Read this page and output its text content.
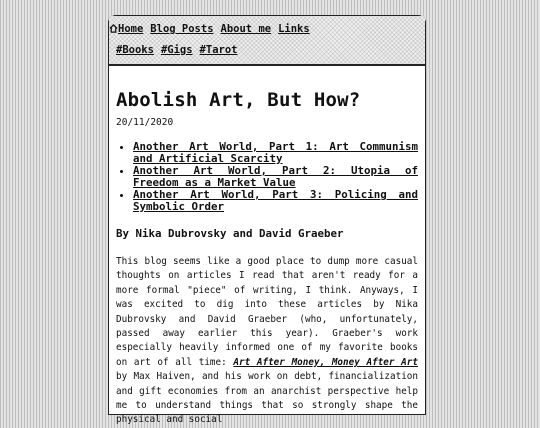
Home Blog Posts About me Links
#Books #Gigs #Tarot
Abolish Art, But How?
20/11/2020
• Another Art World, Part 1: Art Communism and Artificial Scarcity
• Another Art World, Part 2: Utopia of Freedom as a Market Value
• Another Art World, Part 3: Policing and Symbolic Order
By Nika Dubrovsky and David Graeber

This blog seems like a good place to dump more casual thoughts on articles I read that aren't ready for a more formal "piece" of writing, I think. Anyways, I was excited to dig into these articles by Nika Dubrovsky and David Graeber (who, unfortunately, passed away earlier this year). Graeber's work especially heavily informed one of my favorite books on art of all time: Art After Money, Money After Art by Max Haiven, and his work on debt, financialization and gift economies from an anarchist perspective help me to understand things that so strongly shape the physical and social
